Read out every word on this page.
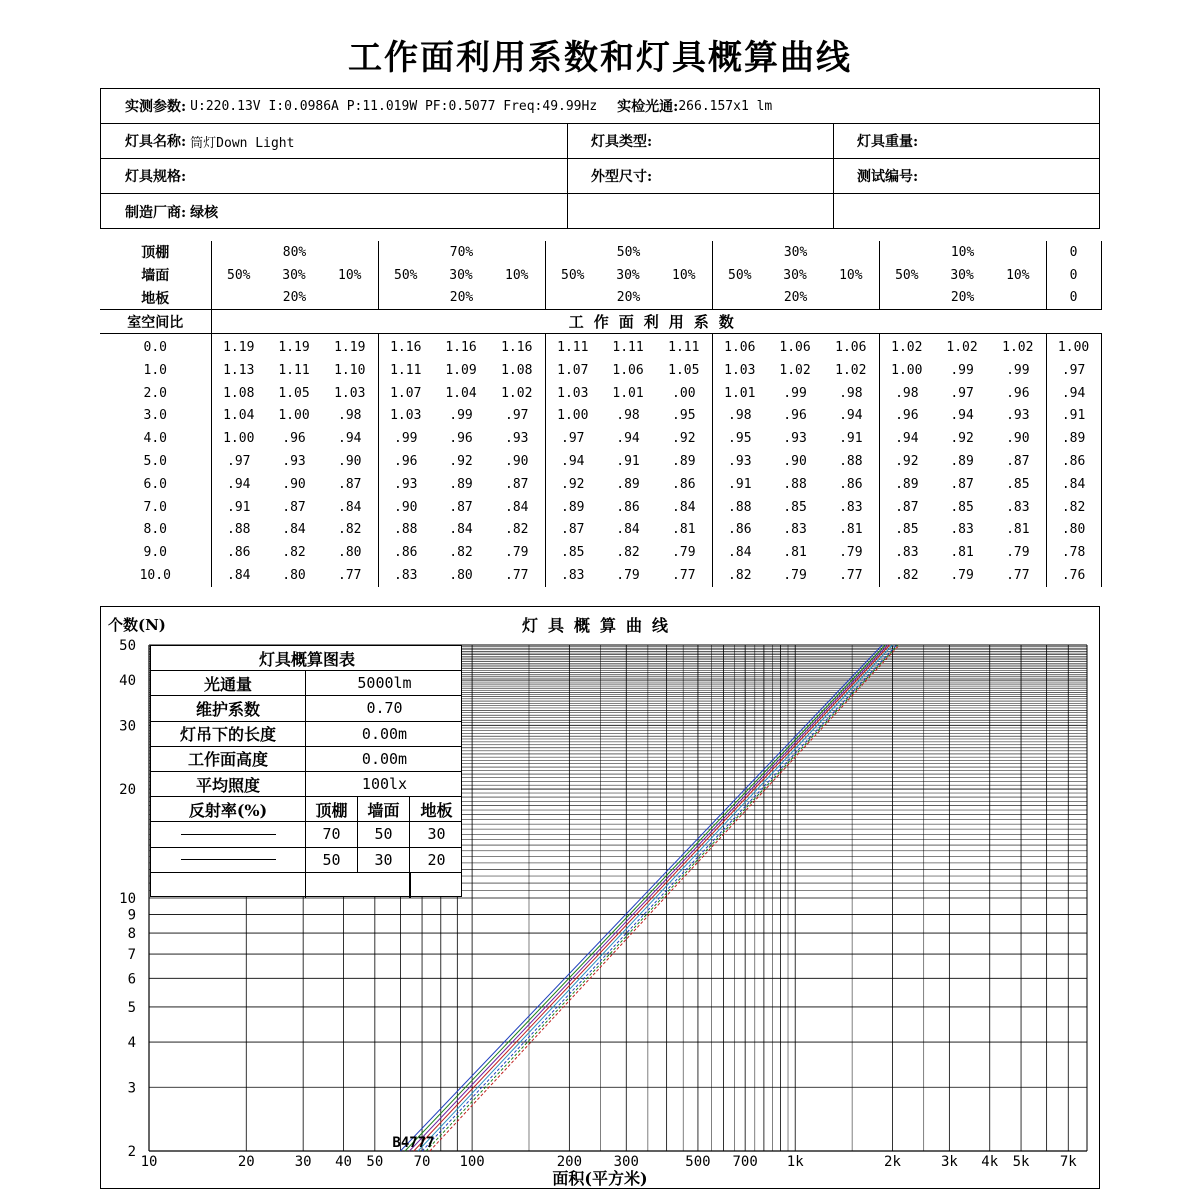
工作面利用系数和灯具概算曲线
实测参数: U:220.13V I:0.0986A P:11.019W PF:0.5077 Freq:49.99Hz 实检光通: 266.157x1 lm
灯具名称: 筒灯Down Light	灯具类型:	灯具重量:
灯具规格:	外型尺寸:	测试编号:
制造厂商: 绿核
顶棚	80%			70%			50%			30%			10%			0
墙面	50%	30%	10%	50%	30%	10%	50%	30%	10%	50%	30%	10%	50%	30%	10%	0
地板	20%			20%			20%			20%			20%			0
室空间比	工作面利用系数															
0.0	1.19	1.19	1.19	1.16	1.16	1.16	1.11	1.11	1.11	1.06	1.06	1.06	1.02	1.02	1.02	1.00
1.0	1.13	1.11	1.10	1.11	1.09	1.08	1.07	1.06	1.05	1.03	1.02	1.02	1.00	.99	.99	.97
2.0	1.08	1.05	1.03	1.07	1.04	1.02	1.03	1.01	.00	1.01	.99	.98	.98	.97	.96	.94
3.0	1.04	1.00	.98	1.03	.99	.97	1.00	.98	.95	.98	.96	.94	.96	.94	.93	.91
4.0	1.00	.96	.94	.99	.96	.93	.97	.94	.92	.95	.93	.91	.94	.92	.90	.89
5.0	.97	.93	.90	.96	.92	.90	.94	.91	.89	.93	.90	.88	.92	.89	.87	.86
6.0	.94	.90	.87	.93	.89	.87	.92	.89	.86	.91	.88	.86	.89	.87	.85	.84
7.0	.91	.87	.84	.90	.87	.84	.89	.86	.84	.88	.85	.83	.87	.85	.83	.82
8.0	.88	.84	.82	.88	.84	.82	.87	.84	.81	.86	.83	.81	.85	.83	.81	.80
9.0	.86	.82	.80	.86	.82	.79	.85	.82	.79	.84	.81	.79	.83	.81	.79	.78
10.0	.84	.80	.77	.83	.80	.77	.83	.79	.77	.82	.79	.77	.82	.79	.77	.76
灯具概算曲线
个数(N)
面积(平方米)
10	20	30 40 50 70 100	200 300	500 700 1k	2k	3k 4k 5k 7k
2
3
4
5
6
7
8
9
10
20
30
40
50
B4777
灯具概算图表
光通量	5000lm
维护系数	0.70
灯吊下的长度	0.00m
工作面高度	0.00m
平均照度	100lx
反射率(%)	顶棚	墙面	地板
70	50	30
50	30	20
